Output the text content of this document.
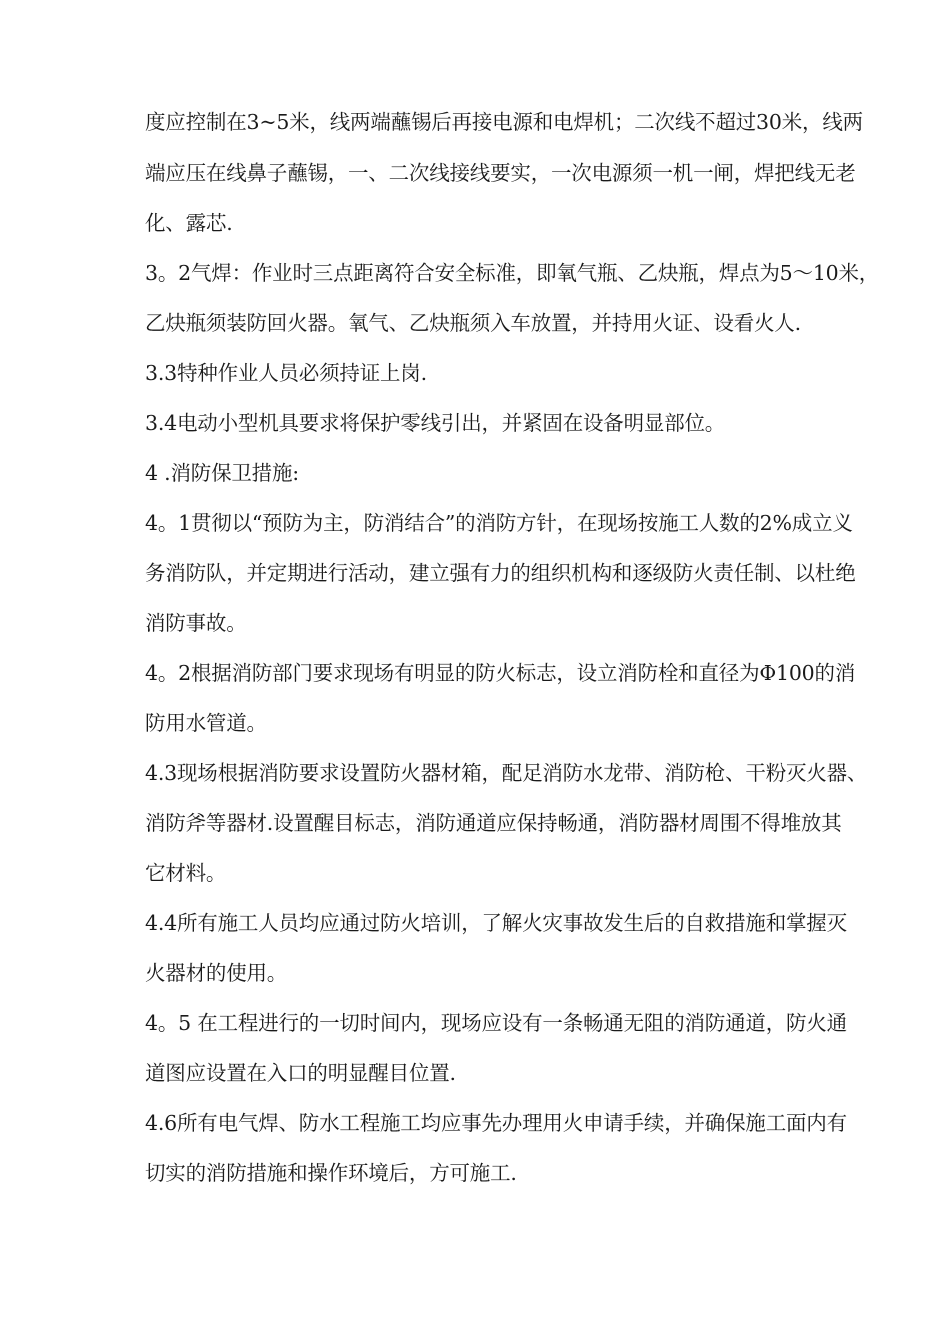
度应控制在3~5米，线两端蘸锡后再接电源和电焊机；二次线不超过30米，线两
端应压在线鼻子蘸锡，一、二次线接线要实，一次电源须一机一闸，焊把线无老
化、露芯.
3。2气焊：作业时三点距离符合安全标准，即氧气瓶、乙炔瓶，焊点为5～10米，
乙炔瓶须装防回火器。氧气、乙炔瓶须入车放置，并持用火证、设看火人.
3.3特种作业人员必须持证上岗.
3.4电动小型机具要求将保护零线引出，并紧固在设备明显部位。
4 .消防保卫措施:
4。1贯彻以“预防为主，防消结合”的消防方针，在现场按施工人数的2%成立义
务消防队，并定期进行活动，建立强有力的组织机构和逐级防火责任制、以杜绝
消防事故。
4。2根据消防部门要求现场有明显的防火标志，设立消防栓和直径为Φ100的消
防用水管道。
4.3现场根据消防要求设置防火器材箱，配足消防水龙带、消防枪、干粉灭火器、
消防斧等器材.设置醒目标志，消防通道应保持畅通，消防器材周围不得堆放其
它材料。
4.4所有施工人员均应通过防火培训，了解火灾事故发生后的自救措施和掌握灭
火器材的使用。
4。5 在工程进行的一切时间内，现场应设有一条畅通无阻的消防通道，防火通
道图应设置在入口的明显醒目位置.
4.6所有电气焊、防水工程施工均应事先办理用火申请手续，并确保施工面内有
切实的消防措施和操作环境后，方可施工.
